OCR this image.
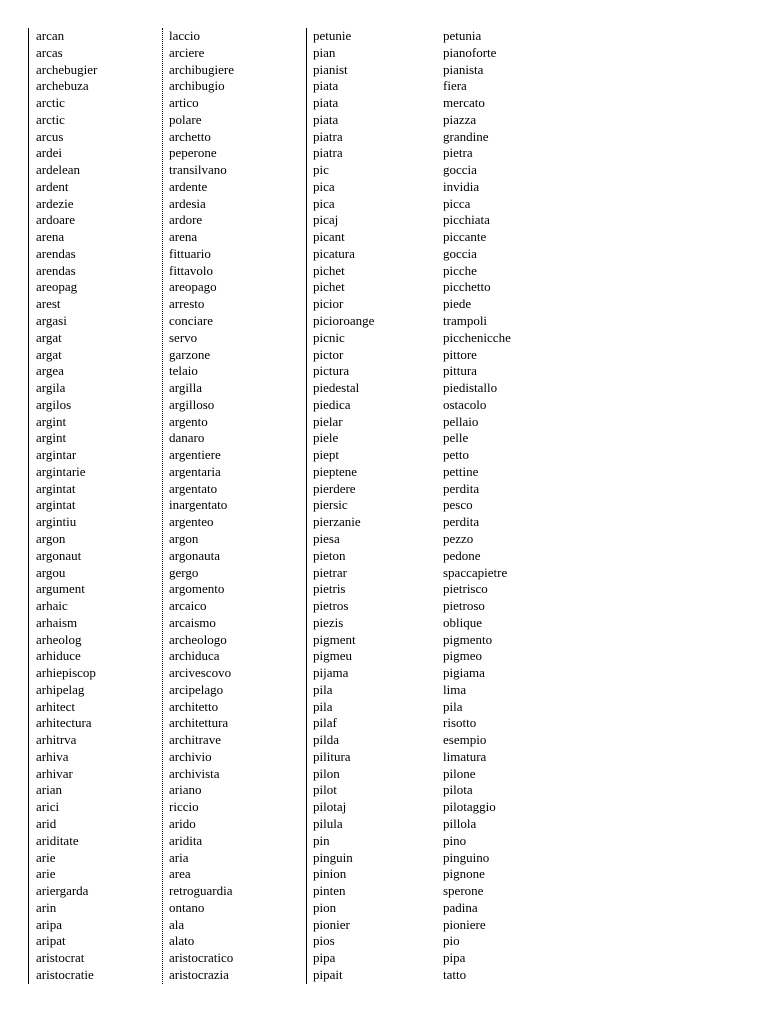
arcan
arcas
archebugier
archebuza
arctic
arctic
arcus
ardei
ardelean
ardent
ardezie
ardoare
arena
arendas
arendas
areopag
arest
argasi
argat
argat
argea
argila
argilos
argint
argint
argintar
argintarie
argintat
argintat
argintiu
argon
argonaut
argou
argument
arhaic
arhaism
arheolog
arhiduce
arhiepiscop
arhipelag
arhitect
arhitectura
arhitrva
arhiva
arhivar
arian
arici
arid
ariditate
arie
arie
ariergarda
arin
aripa
aripat
aristocrat
aristocratie
laccio
arciere
archibugiere
archibugio
artico
polare
archetto
peperone
transilvano
ardente
ardesia
ardore
arena
fittuario
fittavolo
areopago
arresto
conciare
servo
garzone
telaio
argilla
argilloso
argento
danaro
argentiere
argentaria
argentato
inargentato
argenteo
argon
argonauta
gergo
argomento
arcaico
arcaismo
archeologo
archiduca
arcivescovo
arcipelago
architetto
architettura
architrave
archivio
archivista
ariano
riccio
arido
aridita
aria
area
retroguardia
ontano
ala
alato
aristocratico
aristocrazia
petunie
pian
pianist
piata
piata
piata
piatra
piatra
pic
pica
pica
picaj
picant
picatura
pichet
pichet
picior
picioroange
picnic
pictor
pictura
piedestal
piedica
pielar
piele
piept
pieptene
pierdere
piersic
pierzanie
piesa
pieton
pietrar
pietris
pietros
piezis
pigment
pigmeu
pijama
pila
pila
pilaf
pilda
pilitura
pilon
pilot
pilotaj
pilula
pin
pinguin
pinion
pinten
pion
pionier
pios
pipa
pipait
petunia
pianoforte
pianista
fiera
mercato
piazza
grandine
pietra
goccia
invidia
picca
picchiata
piccante
goccia
picche
picchetto
piede
trampoli
picchenicche
pittore
pittura
piedistallo
ostacolo
pellaio
pelle
petto
pettine
perdita
pesco
perdita
pezzo
pedone
spaccapietre
pietrisco
pietroso
oblique
pigmento
pigmeo
pigiama
lima
pila
risotto
esempio
limatura
pilone
pilota
pilotaggio
pillola
pino
pinguino
pignone
sperone
padina
pioniere
pio
pipa
tatto
